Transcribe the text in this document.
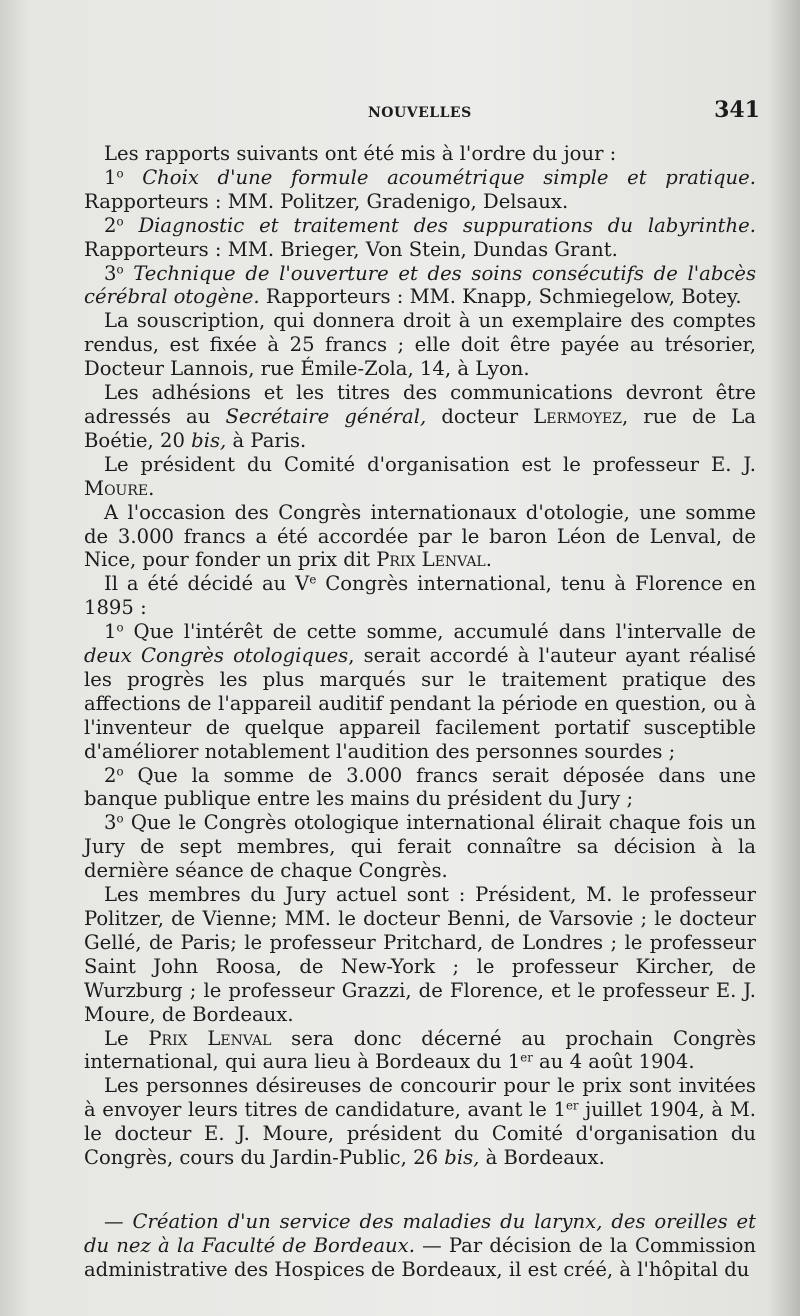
NOUVELLES	341

Les rapports suivants ont été mis à l'ordre du jour :

1$^o$ Choix d'une formule acoumétrique simple et pratique. Rapporteurs : MM. Politzer, Gradenigo, Delsaux.

2$^o$ Diagnostic et traitement des suppurations du labyrinthe. Rapporteurs : MM. Brieger, Von Stein, Dundas Grant.

3$^o$ Technique de l'ouverture et des soins consécutifs de l'abcès cérébral otogène. Rapporteurs : MM. Knapp, Schmiegelow, Botey.

La souscription, qui donnera droit à un exemplaire des comptes rendus, est fixée à 25 francs ; elle doit être payée au trésorier, Docteur Lannois, rue Émile-Zola, 14, à Lyon.

Les adhésions et les titres des communications devront être adressés au Secrétaire général, docteur Lermoyez, rue de La Boétie, 20 bis, à Paris.

Le président du Comité d'organisation est le professeur E. J. Moure.

A l'occasion des Congrès internationaux d'otologie, une somme de 3.000 francs a été accordée par le baron Léon de Lenval, de Nice, pour fonder un prix dit Prix Lenval.

Il a été décidé au Ve Congrès international, tenu à Florence en 1895 :

1$^o$ Que l'intérêt de cette somme, accumulé dans l'intervalle de deux Congrès otologiques, serait accordé à l'auteur ayant réalisé les progrès les plus marqués sur le traitement pratique des affections de l'appareil auditif pendant la période en question, ou à l'inventeur de quelque appareil facilement portatif susceptible d'améliorer notablement l'audition des personnes sourdes ;

2$^o$ Que la somme de 3.000 francs serait déposée dans une banque publique entre les mains du président du Jury ;

3$^o$ Que le Congrès otologique international élirait chaque fois un Jury de sept membres, qui ferait connaître sa décision à la dernière séance de chaque Congrès.

Les membres du Jury actuel sont : Président, M. le professeur Politzer, de Vienne; MM. le docteur Benni, de Varsovie ; le docteur Gellé, de Paris; le professeur Pritchard, de Londres ; le professeur Saint John Roosa, de New-York ; le professeur Kircher, de Wurzburg ; le professeur Grazzi, de Florence, et le professeur E. J. Moure, de Bordeaux.

Le Prix Lenval sera donc décerné au prochain Congrès international, qui aura lieu à Bordeaux du 1er au 4 août 1904.

Les personnes désireuses de concourir pour le prix sont invitées à envoyer leurs titres de candidature, avant le 1er juillet 1904, à M. le docteur E. J. Moure, président du Comité d'organisation du Congrès, cours du Jardin-Public, 26 bis, à Bordeaux.

— Création d'un service des maladies du larynx, des oreilles et du nez à la Faculté de Bordeaux. — Par décision de la Commission administrative des Hospices de Bordeaux, il est créé, à l'hôpital du
